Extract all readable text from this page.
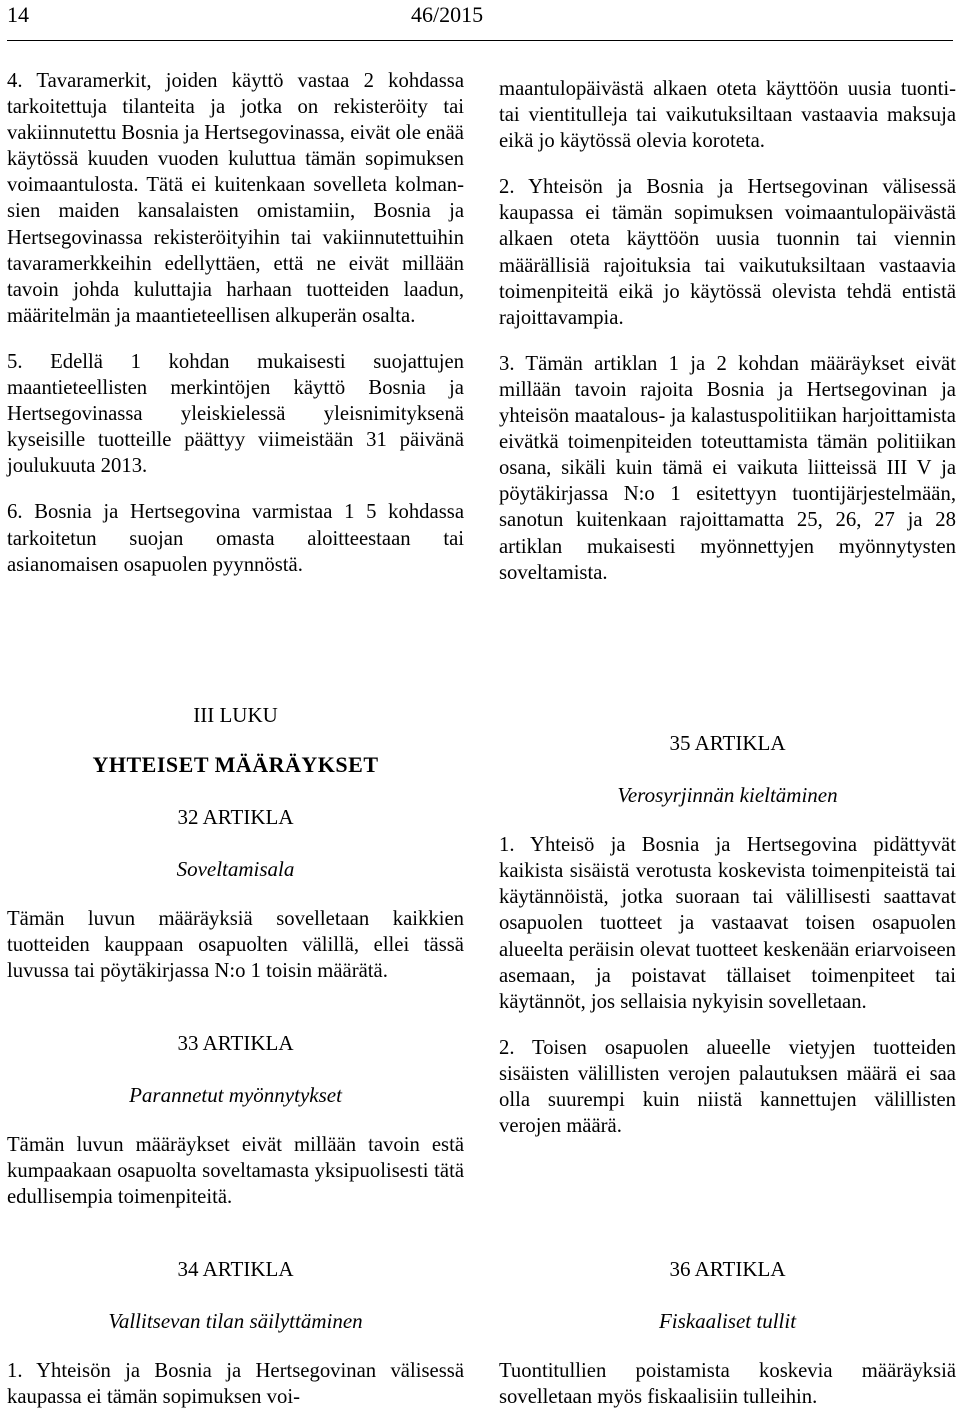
14	46/2015

4. Tavaramerkit, joiden käyttö vastaa 2 kohdassa tarkoitettuja tilanteita ja jotka on rekisteröity tai vakiinnutettu Bosnia ja Hertsegovinassa, eivät ole enää käytössä kuuden vuoden kuluttua tämän sopimuksen voimaantulosta. Tätä ei kuitenkaan sovelleta kolmansien maiden kansalaisten omistamiin, Bosnia ja Hertsegovinassa rekisteröityihin tai vakiinnutettuihin tavaramerkkeihin edellyttäen, että ne eivät millään tavoin johda kuluttajia harhaan tuotteiden laadun, määritelmän ja maantieteellisen alkuperän osalta.

5. Edellä 1 kohdan mukaisesti suojattujen maantieteellisten merkintöjen käyttö Bosnia ja Hertsegovinassa yleiskielessä yleisnimityksenä kyseisille tuotteille päättyy viimeistään 31 päivänä joulukuuta 2013.

6. Bosnia ja Hertsegovina varmistaa 1 5 kohdassa tarkoitetun suojan omasta aloitteestaan tai asianomaisen osapuolen pyynnöstä.

maantulopäivästä alkaen oteta käyttöön uusia tuonti- tai vientitulleja tai vaikutuksiltaan vastaavia maksuja eikä jo käytössä olevia koroteta.

2. Yhteisön ja Bosnia ja Hertsegovinan välisessä kaupassa ei tämän sopimuksen voimaantulopäivästä alkaen oteta käyttöön uusia tuonnin tai viennin määrällisiä rajoituksia tai vaikutuksiltaan vastaavia toimenpiteitä eikä jo käytössä olevista tehdä entistä rajoittavampia.

3. Tämän artiklan 1 ja 2 kohdan määräykset eivät millään tavoin rajoita Bosnia ja Hertsegovinan ja yhteisön maatalous- ja kalastuspolitiikan harjoittamista eivätkä toimenpiteiden toteuttamista tämän politiikan osana, sikäli kuin tämä ei vaikuta liitteissä III V ja pöytäkirjassa N:o 1 esitettyyn tuontijärjestelmään, sanotun kuitenkaan rajoittamatta 25, 26, 27 ja 28 artiklan mukaisesti myönnettyjen myönnytysten soveltamista.

III LUKU

YHTEISET MÄÄRÄYKSET

32 ARTIKLA

Soveltamisala

Tämän luvun määräyksiä sovelletaan kaikkien tuotteiden kauppaan osapuolten välillä, ellei tässä luvussa tai pöytäkirjassa N:o 1 toisin määrätä.

33 ARTIKLA

Parannetut myönnytykset

Tämän luvun määräykset eivät millään tavoin estä kumpaakaan osapuolta soveltamasta yksipuolisesti tätä edullisempia toimenpiteitä.

34 ARTIKLA

Vallitsevan tilan säilyttäminen

1. Yhteisön ja Bosnia ja Hertsegovinan välisessä kaupassa ei tämän sopimuksen voi-

35 ARTIKLA

Verosyrjinnän kieltäminen

1. Yhteisö ja Bosnia ja Hertsegovina pidättyvät kaikista sisäistä verotusta koskevista toimenpiteistä tai käytännöistä, jotka suoraan tai välillisesti saattavat osapuolen tuotteet ja vastaavat toisen osapuolen alueelta peräisin olevat tuotteet keskenään eriarvoiseen asemaan, ja poistavat tällaiset toimenpiteet tai käytännöt, jos sellaisia nykyisin sovelletaan.

2. Toisen osapuolen alueelle vietyjen tuotteiden sisäisten välillisten verojen palautuksen määrä ei saa olla suurempi kuin niistä kannettujen välillisten verojen määrä.

36 ARTIKLA

Fiskaaliset tullit

Tuontitullien poistamista koskevia määräyksiä sovelletaan myös fiskaalisiin tulleihin.
